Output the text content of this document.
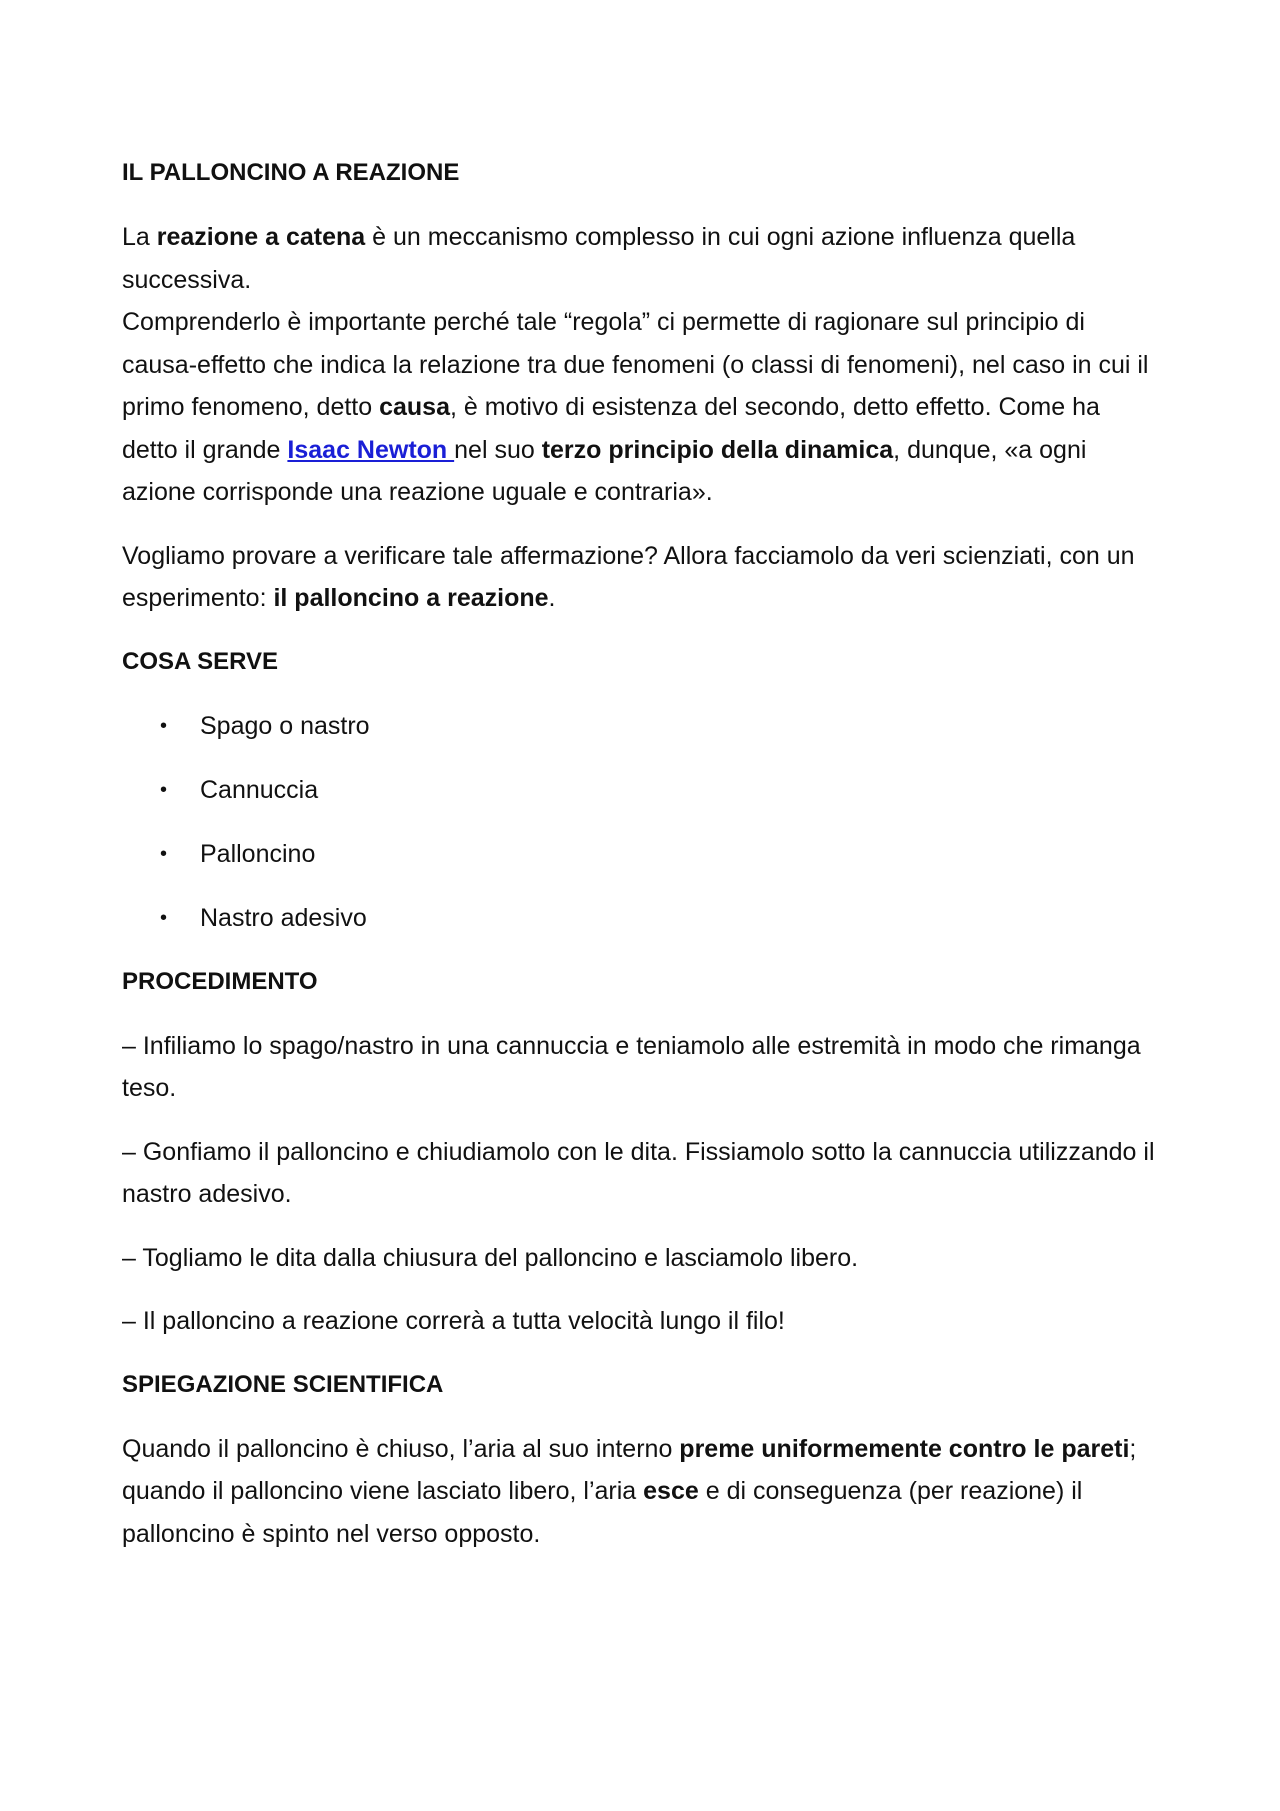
IL PALLONCINO A REAZIONE

La reazione a catena è un meccanismo complesso in cui ogni azione influenza quella successiva.
Comprenderlo è importante perché tale “regola” ci permette di ragionare sul principio di causa-effetto che indica la relazione tra due fenomeni (o classi di fenomeni), nel caso in cui il primo fenomeno, detto causa, è motivo di esistenza del secondo, detto effetto. Come ha detto il grande Isaac Newton nel suo terzo principio della dinamica, dunque, «a ogni azione corrisponde una reazione uguale e contraria».

Vogliamo provare a verificare tale affermazione? Allora facciamolo da veri scienziati, con un esperimento: il palloncino a reazione.

COSA SERVE
• Spago o nastro
• Cannuccia
• Palloncino
• Nastro adesivo
PROCEDIMENTO

– Infiliamo lo spago/nastro in una cannuccia e teniamolo alle estremità in modo che rimanga teso.

– Gonfiamo il palloncino e chiudiamolo con le dita. Fissiamolo sotto la cannuccia utilizzando il nastro adesivo.

– Togliamo le dita dalla chiusura del palloncino e lasciamolo libero.

– Il palloncino a reazione correrà a tutta velocità lungo il filo!

SPIEGAZIONE SCIENTIFICA

Quando il palloncino è chiuso, l’aria al suo interno preme uniformemente contro le pareti; quando il palloncino viene lasciato libero, l’aria esce e di conseguenza (per reazione) il palloncino è spinto nel verso opposto.
